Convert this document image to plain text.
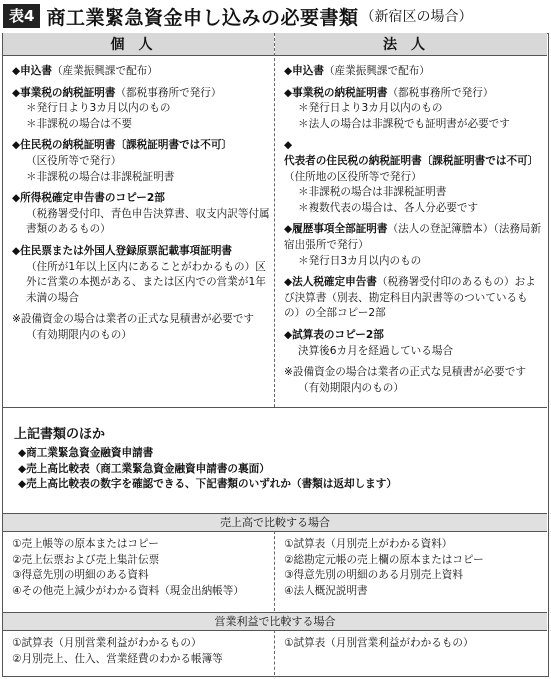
表4 商工業緊急資金申し込みの必要書類 （新宿区の場合）
個人	法人
◆申込書（産業振興課で配布）
◆事業税の納税証明書（都税事務所で発行）
＊発行日より3カ月以内のもの
＊非課税の場合は不要
◆住民税の納税証明書〔課税証明書では不可〕
（区役所等で発行）
＊非課税の場合は非課税証明書
◆所得税確定申告書のコピー2部
（税務署受付印、青色申告決算書、収支内訳等付属書類のあるもの）
◆住民票または外国人登録原票記載事項証明書
（住所が1年以上区内にあることがわかるもの）区外に営業の本拠がある、または区内での営業が1年未満の場合
※設備資金の場合は業者の正式な見積書が必要です（有効期限内のもの）
◆申込書（産業振興課で配布）
◆事業税の納税証明書（都税事務所で発行）
＊発行日より3カ月以内のもの
＊法人の場合は非課税でも証明書が必要です
◆代表者の住民税の納税証明書〔課税証明書では不可〕（住所地の区役所等で発行）
＊非課税の場合は非課税証明書
＊複数代表の場合は、各人分必要です
◆履歴事項全部証明書（法人の登記簿謄本）（法務局新宿出張所で発行）
＊発行日3カ月以内のもの
◆法人税確定申告書（税務署受付印のあるもの）および決算書（別表、勘定科目内訳書等のついているもの）の全部コピー2部
◆試算表のコピー2部
決算後6カ月を経過している場合
※設備資金の場合は業者の正式な見積書が必要です（有効期限内のもの）
上記書類のほか
◆商工業緊急資金融資申請書
◆売上高比較表（商工業緊急資金融資申請書の裏面）
◆売上高比較表の数字を確認できる、下記書類のいずれか（書類は返却します）
売上高で比較する場合
①売上帳等の原本またはコピー
②売上伝票および売上集計伝票
③得意先別の明細のある資料
④その他売上減少がわかる資料（現金出納帳等）
①試算表（月別売上がわかる資料）
②総勘定元帳の売上欄の原本またはコピー
③得意先別の明細のある月別売上資料
④法人概況説明書
営業利益で比較する場合
①試算表（月別営業利益がわかるもの）
②月別売上、仕入、営業経費のわかる帳簿等
①試算表（月別営業利益がわかるもの）
